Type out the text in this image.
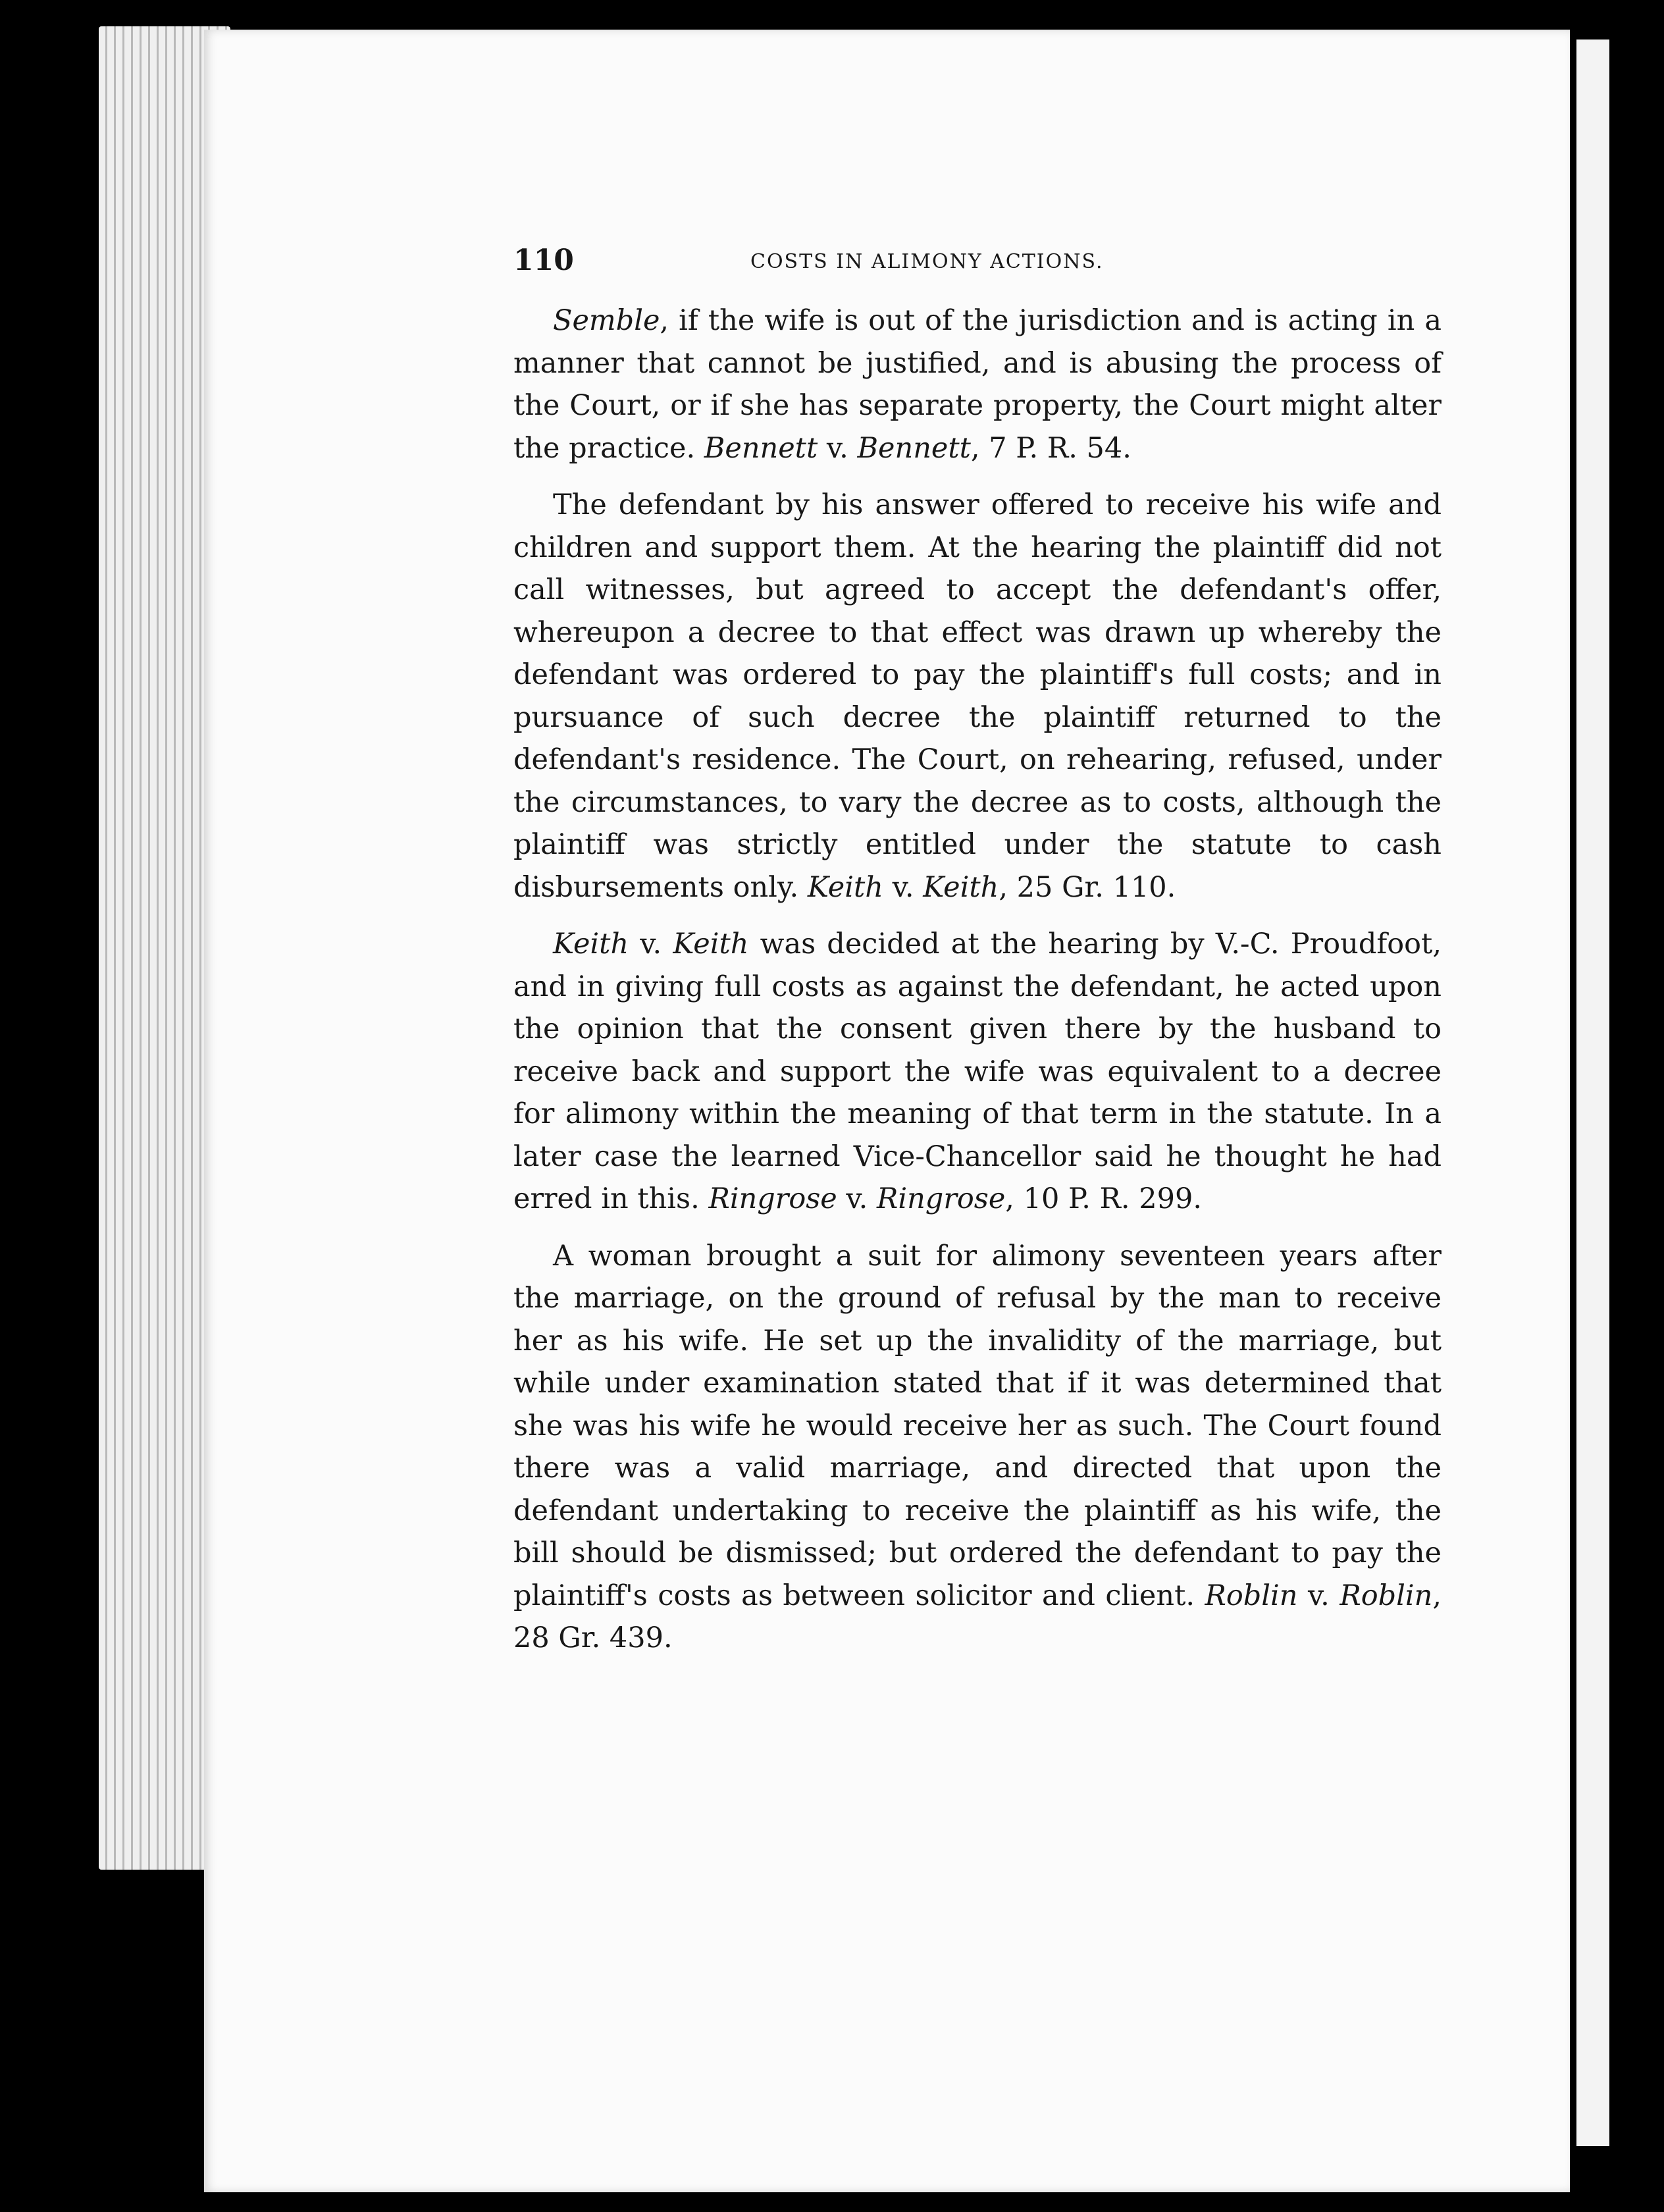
110	COSTS IN ALIMONY ACTIONS.

Semble, if the wife is out of the jurisdiction and is acting in a manner that cannot be justified, and is abusing the process of the Court, or if she has separate property, the Court might alter the practice. Bennett v. Bennett, 7 P. R. 54.

The defendant by his answer offered to receive his wife and children and support them. At the hearing the plaintiff did not call witnesses, but agreed to accept the defendant's offer, whereupon a decree to that effect was drawn up whereby the defendant was ordered to pay the plaintiff's full costs; and in pursuance of such decree the plaintiff returned to the defendant's residence. The Court, on rehearing, refused, under the circumstances, to vary the decree as to costs, although the plaintiff was strictly entitled under the statute to cash disbursements only. Keith v. Keith, 25 Gr. 110.

Keith v. Keith was decided at the hearing by V.-C. Proudfoot, and in giving full costs as against the defendant, he acted upon the opinion that the consent given there by the husband to receive back and support the wife was equivalent to a decree for alimony within the meaning of that term in the statute. In a later case the learned Vice-Chancellor said he thought he had erred in this. Ringrose v. Ringrose, 10 P. R. 299.

A woman brought a suit for alimony seventeen years after the marriage, on the ground of refusal by the man to receive her as his wife. He set up the invalidity of the marriage, but while under examination stated that if it was determined that she was his wife he would receive her as such. The Court found there was a valid marriage, and directed that upon the defendant undertaking to receive the plaintiff as his wife, the bill should be dismissed; but ordered the defendant to pay the plaintiff's costs as between solicitor and client. Roblin v. Roblin, 28 Gr. 439.
